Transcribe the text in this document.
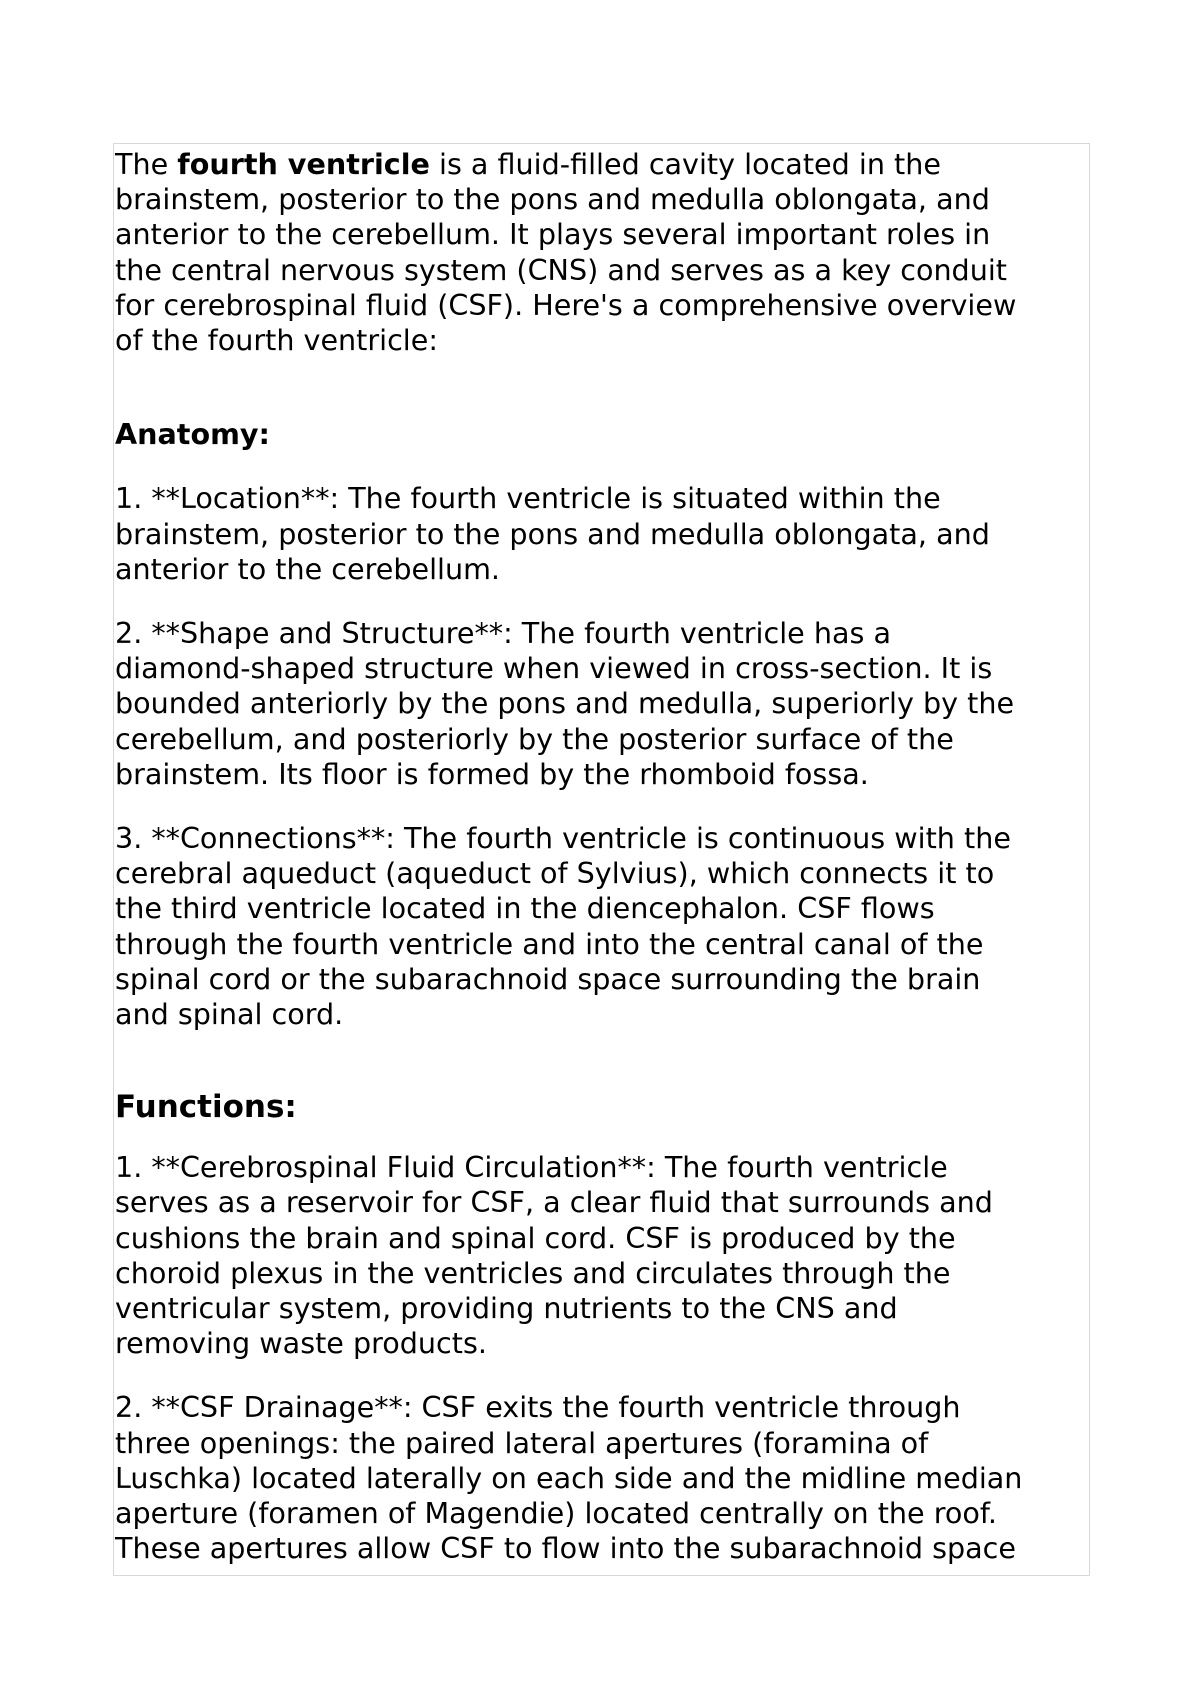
The fourth ventricle is a fluid-filled cavity located in the
brainstem, posterior to the pons and medulla oblongata, and
anterior to the cerebellum. It plays several important roles in
the central nervous system (CNS) and serves as a key conduit
for cerebrospinal fluid (CSF). Here's a comprehensive overview
of the fourth ventricle:

Anatomy:

1. **Location**: The fourth ventricle is situated within the
brainstem, posterior to the pons and medulla oblongata, and
anterior to the cerebellum.

2. **Shape and Structure**: The fourth ventricle has a
diamond-shaped structure when viewed in cross-section. It is
bounded anteriorly by the pons and medulla, superiorly by the
cerebellum, and posteriorly by the posterior surface of the
brainstem. Its floor is formed by the rhomboid fossa.

3. **Connections**: The fourth ventricle is continuous with the
cerebral aqueduct (aqueduct of Sylvius), which connects it to
the third ventricle located in the diencephalon. CSF flows
through the fourth ventricle and into the central canal of the
spinal cord or the subarachnoid space surrounding the brain
and spinal cord.

Functions:

1. **Cerebrospinal Fluid Circulation**: The fourth ventricle
serves as a reservoir for CSF, a clear fluid that surrounds and
cushions the brain and spinal cord. CSF is produced by the
choroid plexus in the ventricles and circulates through the
ventricular system, providing nutrients to the CNS and
removing waste products.

2. **CSF Drainage**: CSF exits the fourth ventricle through
three openings: the paired lateral apertures (foramina of
Luschka) located laterally on each side and the midline median
aperture (foramen of Magendie) located centrally on the roof.
These apertures allow CSF to flow into the subarachnoid space
